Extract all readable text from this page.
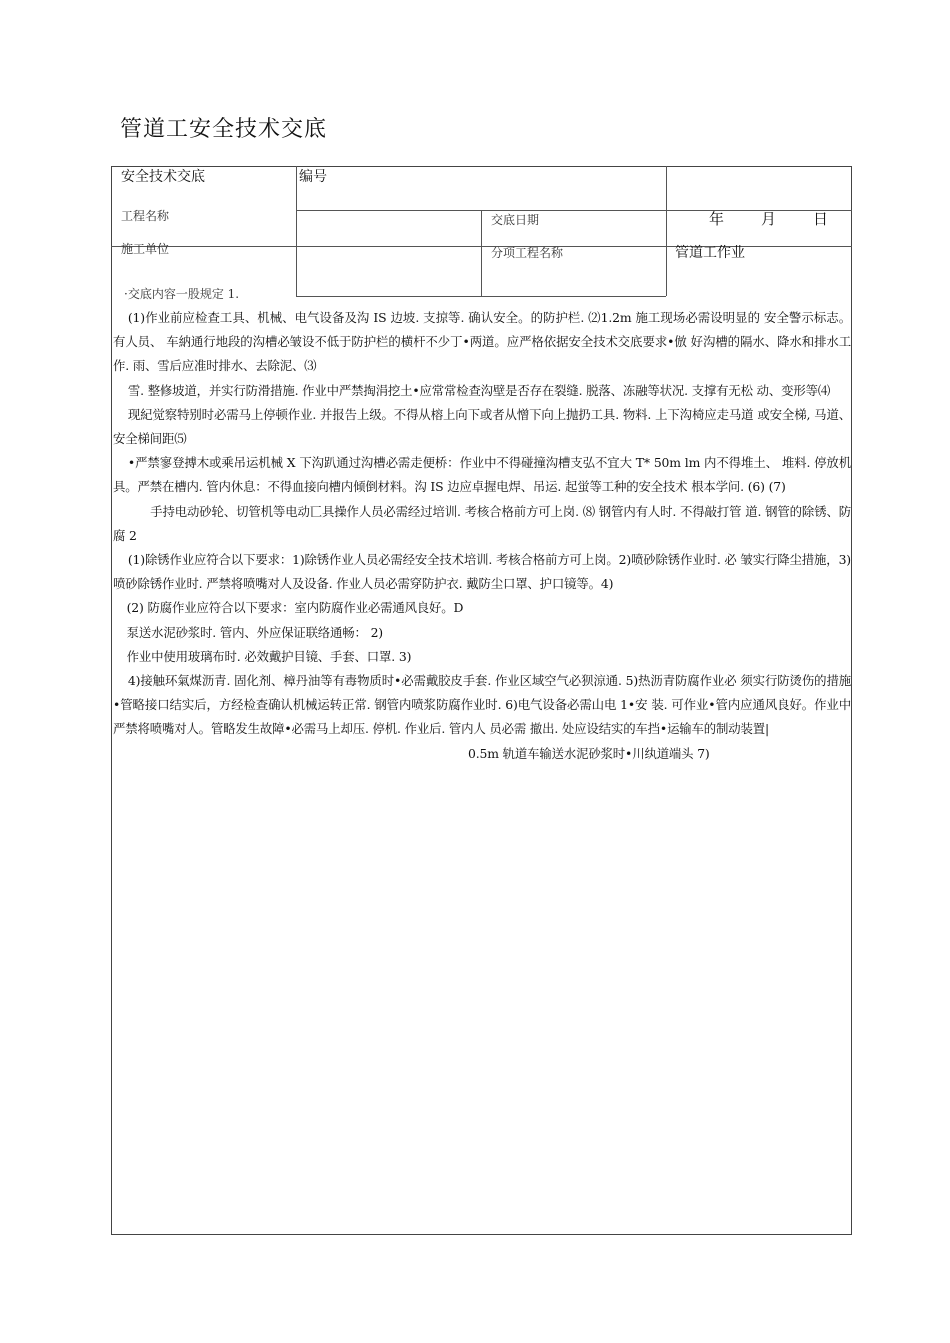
管道工安全技术交底
安全技术交底	编号
工程名称	交底日期	年 月 日
施工单位	分项工程名称	管道工作业
·交底内容一股规定 1.

(1)作业前应检查工具、机械、电气设备及沟 IS 边坡. 支掠等. 确认安全。的防护栏. ⑵1.2m 施工现场必需设明显的 安全警示标志。有人员、 车納通行地段的沟槽必皱设不低于防护栏的横杆不少丁•两道。应严格依据安全技术交底要求•倣 好沟槽的隔水、降水和排水工作. 雨、雪后应准时排水、去除泥、⑶

雪. 整修坡道，并实行防滑措施. 作业中严禁掏涓挖土•应常常检查沟壁是否存在裂缝. 脱落、冻融等状况. 支撑有无松 动、变形等⑷

现紀觉察特别时必需马上停顿作业. 并报告上级。不得从榕上向下或者从憎下向上抛扔工具. 物料. 上下沟椅应走马道 或安全梯, 马道、安全梯间距⑸

•严禁寥登搏木或乘吊运机械 X 下沟趴通过沟槽必需走便桥：作业中不得碰撞沟槽支弘不宜大 T* 50m lm 内不得堆土、 堆料. 停放机具。严禁在槽内. 管内休息：不得血接向槽内倾倒材料。沟 IS 边应卓握电焊、吊运. 起蛍等工种的安全技术 根本学问. (6) (7)

手持电动砂轮、切管机等电动匸具操作人员必需经过培训. 考核合格前方可上岗. ⑻ 钢管内有人时. 不得敲打管 道. 钢管的除锈、防腐 2

(1)除锈作业应符合以下要求：1)除锈作业人员必需经安全技术培训. 考核合格前方可上岗。2)喷砂除锈作业时. 必 皱实行降尘措施，3)喷砂除锈作业时. 严禁将喷嘴对人及设备. 作业人员必需穿防护衣. 戴防尘口罩、护口镜等。4)

(2) 防腐作业应符合以下要求：室内防腐作业必需通风良好。D

泵送水泥砂浆时. 管内、外应保证联络通畅： 2)

作业中使用玻璃布时. 必效戴护目镜、手套、口罩. 3)

4)接触环氣煤沥青. 固化剂、樟丹油等有毒物质时•必需戴胶皮手套. 作业区域空气必狈涼通. 5)热沥青防腐作业必 须实行防烫伤的措施•管略接口结实后，方经检查确认机械运转正常. 钢管内喷浆防腐作业时. 6)电气设备必需山电 1•安 装. 可作业•管内应通风良好。作业中严禁将喷嘴对人。管略发生故障•必需马上却压. 停机. 作业后. 管内人 员必需 撤出. 处应设结实的车挡•运输车的制动装置|

0.5m 轨道车输送水泥砂浆时•川纨道端头 7)
